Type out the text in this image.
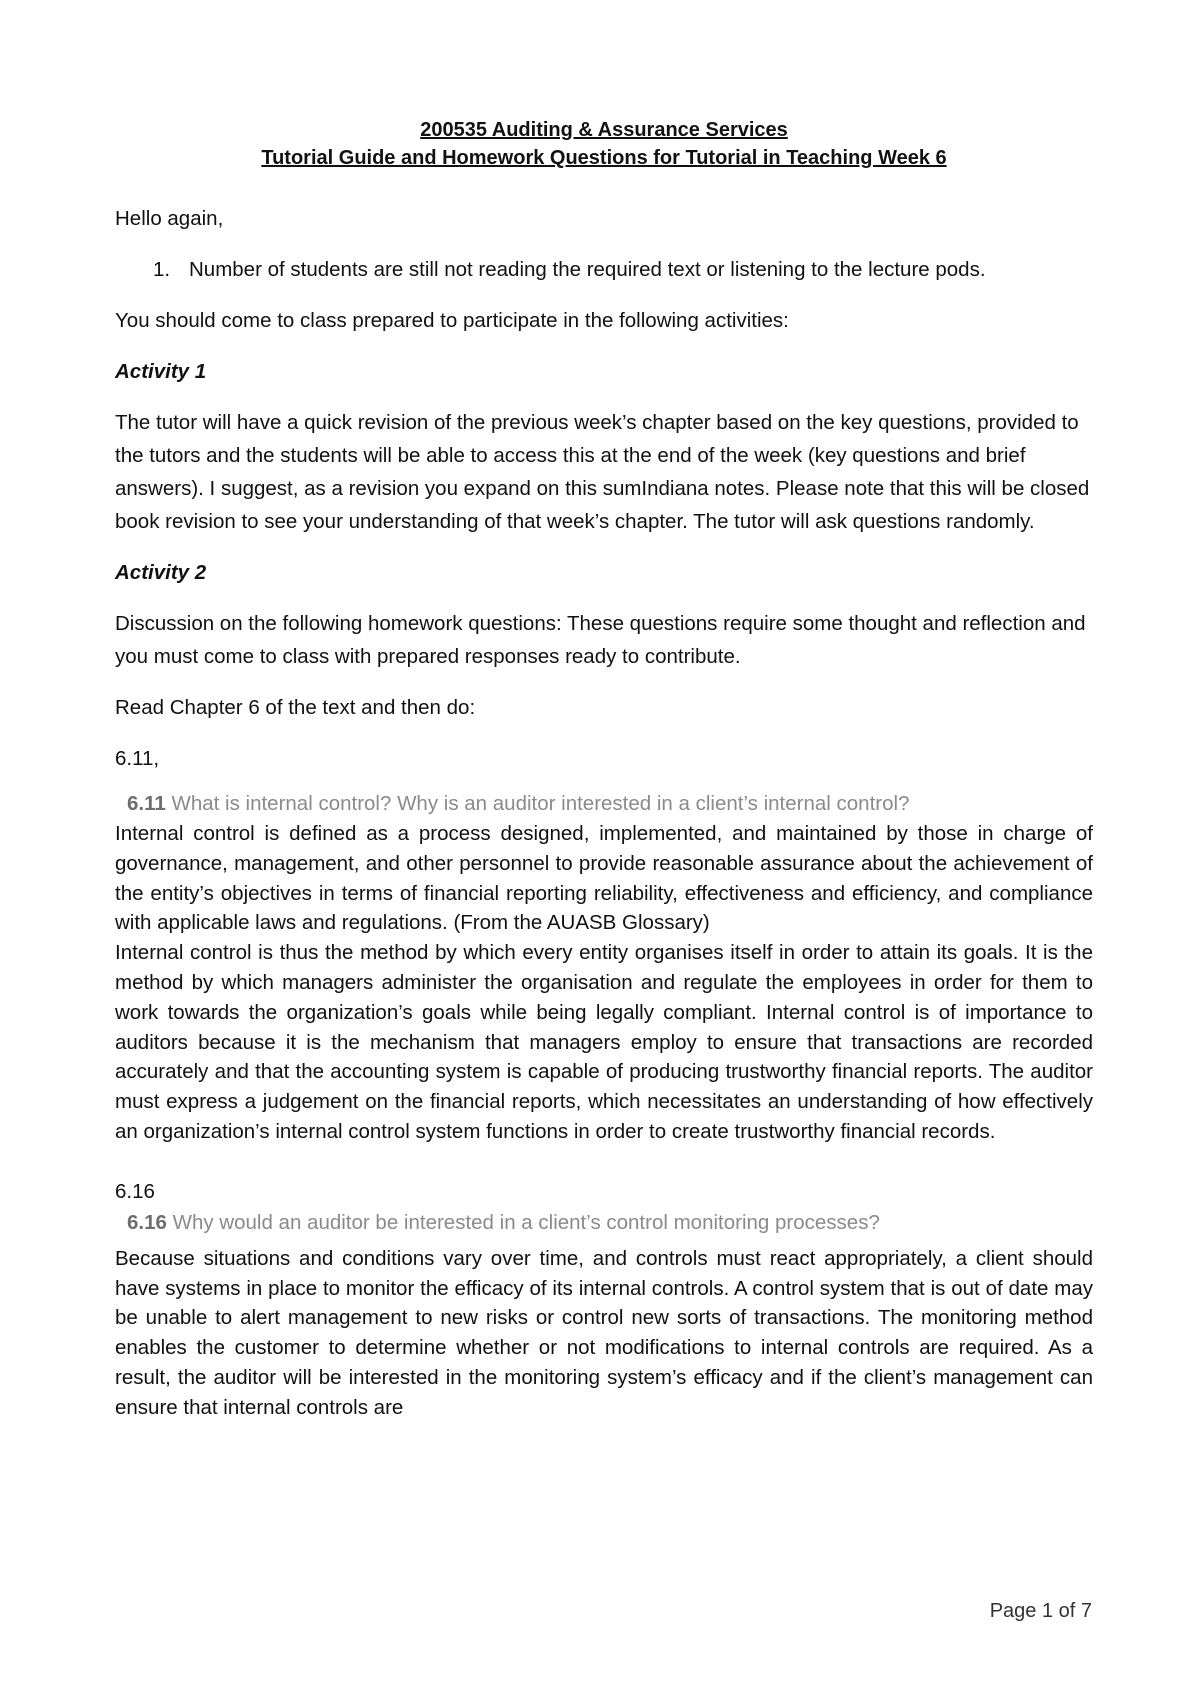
200535 Auditing & Assurance Services

Tutorial Guide and Homework Questions for Tutorial in Teaching Week 6

Hello again,

1. Number of students are still not reading the required text or listening to the lecture pods.

You should come to class prepared to participate in the following activities:

Activity 1

The tutor will have a quick revision of the previous week’s chapter based on the key questions, provided to the tutors and the students will be able to access this at the end of the week (key questions and brief answers). I suggest, as a revision you expand on this sumIndiana notes. Please note that this will be closed book revision to see your understanding of that week’s chapter. The tutor will ask questions randomly.

Activity 2

Discussion on the following homework questions: These questions require some thought and reflection and you must come to class with prepared responses ready to contribute.

Read Chapter 6 of the text and then do:

6.11,

6.11 What is internal control? Why is an auditor interested in a client’s internal control?

Internal control is defined as a process designed, implemented, and maintained by those in charge of governance, management, and other personnel to provide reasonable assurance about the achievement of the entity’s objectives in terms of financial reporting reliability, effectiveness and efficiency, and compliance with applicable laws and regulations. (From the AUASB Glossary)

Internal control is thus the method by which every entity organises itself in order to attain its goals. It is the method by which managers administer the organisation and regulate the employees in order for them to work towards the organization’s goals while being legally compliant. Internal control is of importance to auditors because it is the mechanism that managers employ to ensure that transactions are recorded accurately and that the accounting system is capable of producing trustworthy financial reports. The auditor must express a judgement on the financial reports, which necessitates an understanding of how effectively an organization’s internal control system functions in order to create trustworthy financial records.

6.16

6.16 Why would an auditor be interested in a client’s control monitoring processes?

Because situations and conditions vary over time, and controls must react appropriately, a client should have systems in place to monitor the efficacy of its internal controls. A control system that is out of date may be unable to alert management to new risks or control new sorts of transactions. The monitoring method enables the customer to determine whether or not modifications to internal controls are required. As a result, the auditor will be interested in the monitoring system’s efficacy and if the client’s management can ensure that internal controls are

Page 1 of 7
